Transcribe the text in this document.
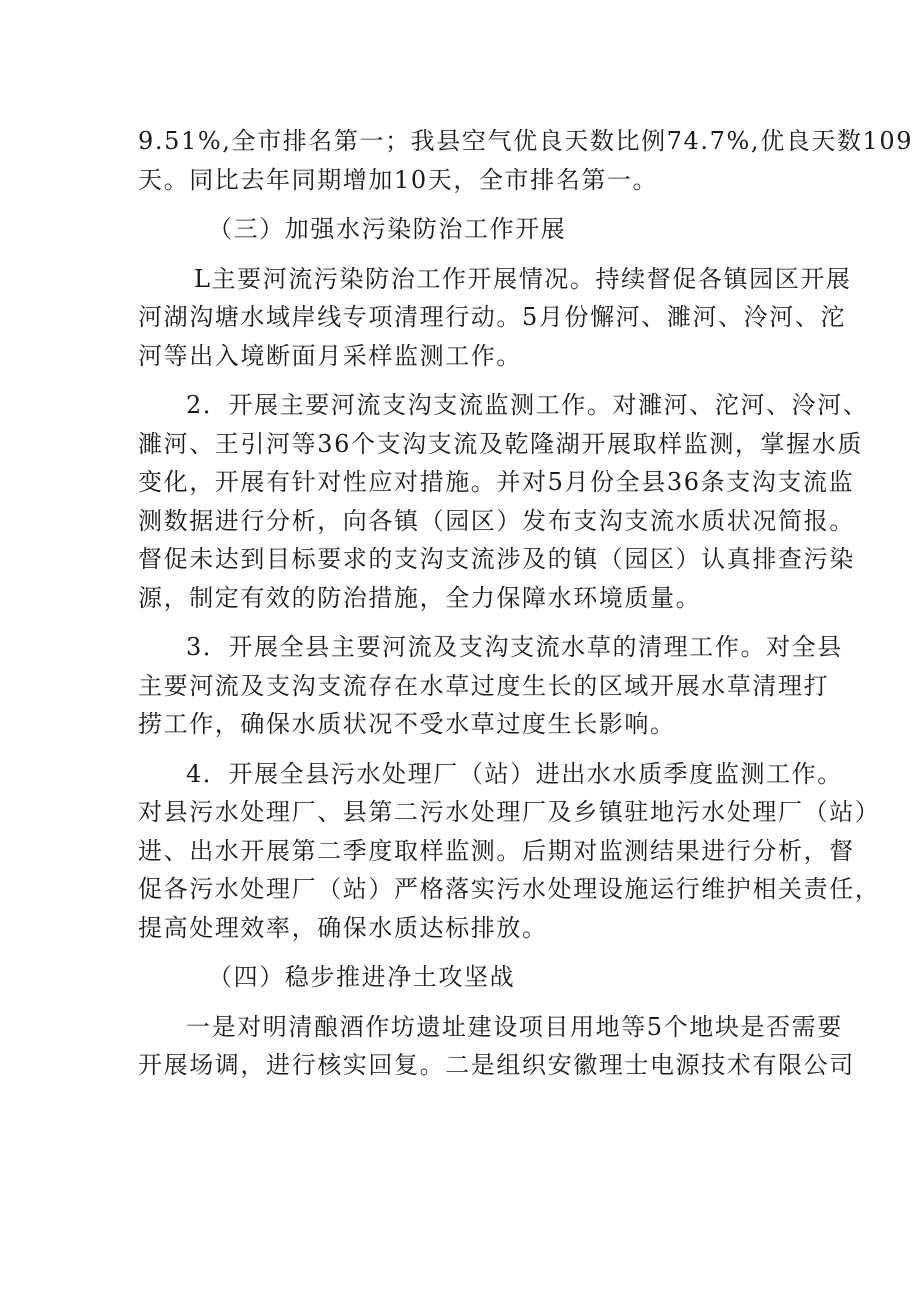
9.51%,全市排名第一；我县空气优良天数比例74.7%,优良天数109
天。同比去年同期增加10天，全市排名第一。
（三）加强水污染防治工作开展
L主要河流污染防治工作开展情况。持续督促各镇园区开展
河湖沟塘水域岸线专项清理行动。5月份懈河、濉河、泠河、沱
河等出入境断面月采样监测工作。
2．开展主要河流支沟支流监测工作。对濉河、沱河、泠河、
濉河、王引河等36个支沟支流及乾隆湖开展取样监测，掌握水质
变化，开展有针对性应对措施。并对5月份全县36条支沟支流监
测数据进行分析，向各镇（园区）发布支沟支流水质状况简报。
督促未达到目标要求的支沟支流涉及的镇（园区）认真排查污染
源，制定有效的防治措施，全力保障水环境质量。
3．开展全县主要河流及支沟支流水草的清理工作。对全县
主要河流及支沟支流存在水草过度生长的区域开展水草清理打
捞工作，确保水质状况不受水草过度生长影响。
4．开展全县污水处理厂（站）进出水水质季度监测工作。
对县污水处理厂、县第二污水处理厂及乡镇驻地污水处理厂（站）
进、出水开展第二季度取样监测。后期对监测结果进行分析，督
促各污水处理厂（站）严格落实污水处理设施运行维护相关责任，
提高处理效率，确保水质达标排放。
（四）稳步推进净土攻坚战
一是对明清酿酒作坊遗址建设项目用地等5个地块是否需要
开展场调，进行核实回复。二是组织安徽理士电源技术有限公司
